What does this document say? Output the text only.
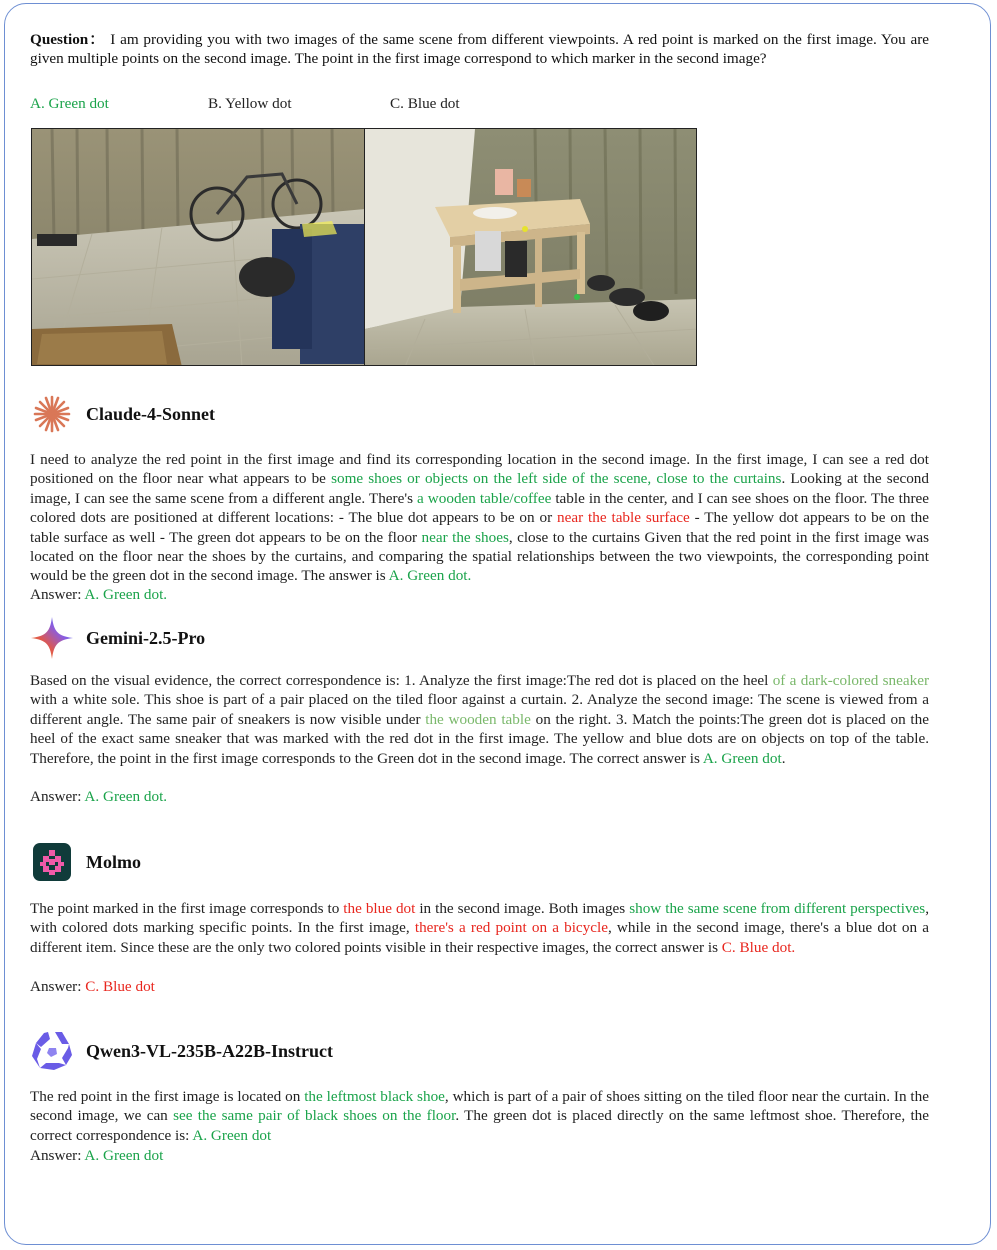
Question： I am providing you with two images of the same scene from different viewpoints. A red point is marked on the first image. You are given multiple points on the second image. The point in the first image correspond to which marker in the second image?
A. Green dot	B. Yellow dot	C. Blue dot
Claude-4-Sonnet
I need to analyze the red point in the first image and find its corresponding location in the second image. In the first image, I can see a red dot positioned on the floor near what appears to be some shoes or objects on the left side of the scene, close to the curtains. Looking at the second image, I can see the same scene from a different angle. There's a wooden table/coffee table in the center, and I can see shoes on the floor. The three colored dots are positioned at different locations: - The blue dot appears to be on or near the table surface - The yellow dot appears to be on the table surface as well - The green dot appears to be on the floor near the shoes, close to the curtains Given that the red point in the first image was located on the floor near the shoes by the curtains, and comparing the spatial relationships between the two viewpoints, the corresponding point would be the green dot in the second image. The answer is A. Green dot.
Answer: A. Green dot.
Gemini-2.5-Pro
Based on the visual evidence, the correct correspondence is: 1. Analyze the first image:The red dot is placed on the heel of a dark-colored sneaker with a white sole. This shoe is part of a pair placed on the tiled floor against a curtain. 2. Analyze the second image: The scene is viewed from a different angle. The same pair of sneakers is now visible under the wooden table on the right. 3. Match the points:The green dot is placed on the heel of the exact same sneaker that was marked with the red dot in the first image. The yellow and blue dots are on objects on top of the table. Therefore, the point in the first image corresponds to the Green dot in the second image. The correct answer is A. Green dot.
Answer: A. Green dot.
Molmo
The point marked in the first image corresponds to the blue dot in the second image. Both images show the same scene from different perspectives, with colored dots marking specific points. In the first image, there's a red point on a bicycle, while in the second image, there's a blue dot on a different item. Since these are the only two colored points visible in their respective images, the correct answer is C. Blue dot.
Answer: C. Blue dot
Qwen3-VL-235B-A22B-Instruct
The red point in the first image is located on the leftmost black shoe, which is part of a pair of shoes sitting on the tiled floor near the curtain. In the second image, we can see the same pair of black shoes on the floor. The green dot is placed directly on the same leftmost shoe. Therefore, the correct correspondence is: A. Green dot
Answer: A. Green dot
